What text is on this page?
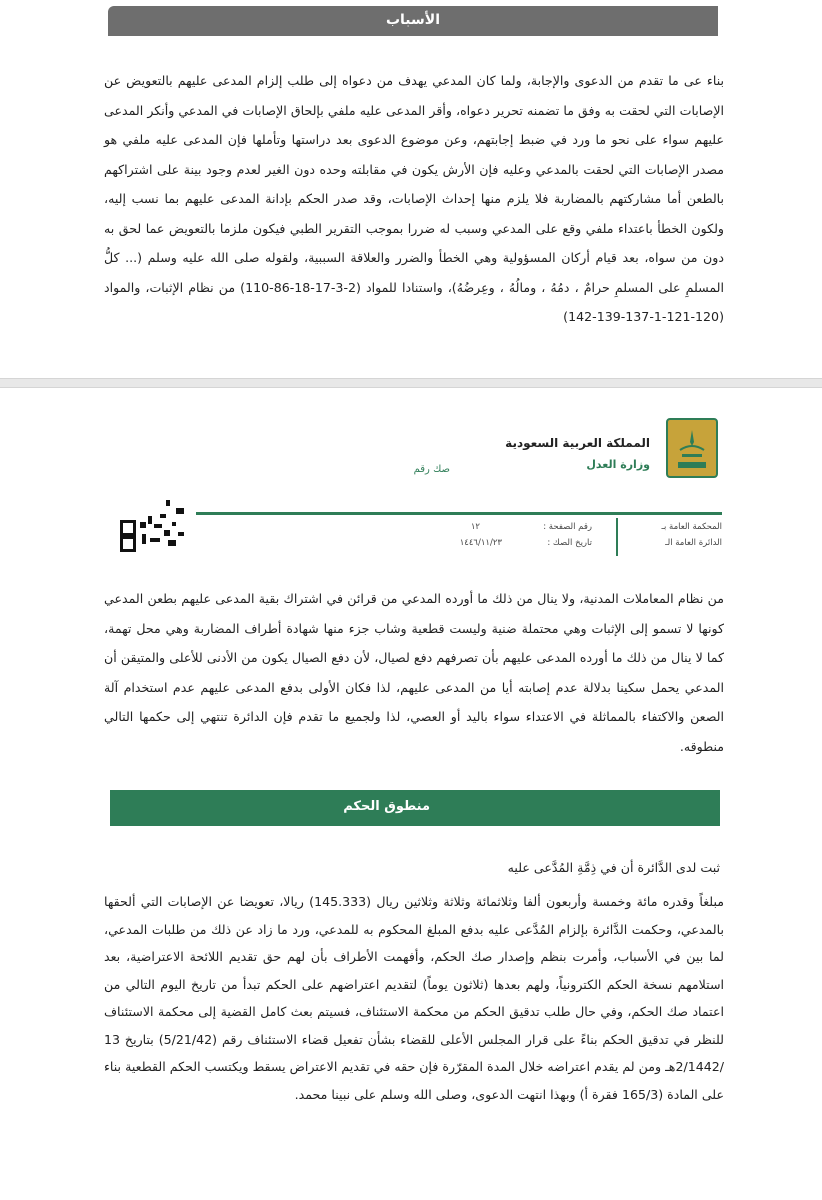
الأسباب

بناء عى ما تقدم من الدعوى والإجابة، ولما كان المدعي يهدف من دعواه إلى طلب إلزام المدعى عليهم بالتعويض عن الإصابات التي لحقت به وفق ما تضمنه تحرير دعواه، وأقر المدعى عليه ملفي بإلحاق الإصابات في المدعي وأنكر المدعى عليهم سواء على نحو ما ورد في ضبط إجابتهم، وعن موضوع الدعوى بعد دراستها وتأملها فإن المدعى عليه ملفي هو مصدر الإصابات التي لحقت بالمدعي وعليه فإن الأرش يكون في مقابلته وحده دون الغير لعدم وجود بينة على اشتراكهم بالطعن أما مشاركتهم بالمضاربة فلا يلزم منها إحداث الإصابات، وقد صدر الحكم بإدانة المدعى عليهم بما نسب إليه، ولكون الخطأ باعتداء ملفي وقع على المدعي وسبب له ضررا بموجب التقرير الطبي فيكون ملزما بالتعويض عما لحق به دون من سواه، بعد قيام أركان المسؤولية وهي الخطأ والضرر والعلاقة السببية، ولقوله صلى الله عليه وسلم (... كلُّ المسلمِ على المسلمِ حرامٌ ، دمُهُ ، ومالُهُ ، وعِرضُهُ)، واستنادا للمواد (2-3-17-18-86-110) من نظام الإثبات، والمواد (120-121-1-137-139-142)

المملكة العربية السعودية
وزارة العدل
صك رقم
المحكمة العامة بـ
الدائرة العامة الـ
رقم الصفحة :
١٢
تاريخ الصك :
١٤٤٦/١١/٢٣

من نظام المعاملات المدنية، ولا ينال من ذلك ما أورده المدعي من قرائن في اشتراك بقية المدعى عليهم بطعن المدعي كونها لا تسمو إلى الإثبات وهي محتملة ضنية وليست قطعية وشاب جزء منها شهادة أطراف المضاربة وهي محل تهمة، كما لا ينال من ذلك ما أورده المدعى عليهم بأن تصرفهم دفع لصيال، لأن دفع الصيال يكون من الأدنى للأعلى والمتيقن أن المدعي يحمل سكينا بدلالة عدم إصابته أيا من المدعى عليهم، لذا فكان الأولى بدفع المدعى عليهم عدم استخدام آلة الصعن والاكتفاء بالمماثلة في الاعتداء سواء باليد أو العصي، لذا ولجميع ما تقدم فإن الدائرة تنتهي إلى حكمها التالي منطوقه.

منطوق الحكم
ثبت لدى الدَّائرة أن في ذِمَّةِ المُدَّعى عليه

مبلغاً وقدره مائة وخمسة وأربعون ألفا وثلاثمائة وثلاثة وثلاثين ريال (145.333) ريالا، تعويضا عن الإصابات التي ألحقها بالمدعي، وحكمت الدَّائرة بإلزام المُدَّعى عليه بدفع المبلغ المحكوم به للمدعي، ورد ما زاد عن ذلك من طلبات المدعي، لما بين في الأسباب، وأمرت بنظم وإصدار صك الحكم، وأفهمت الأطراف بأن لهم حق تقديم اللائحة الاعتراضية، بعد استلامهم نسخة الحكم الكترونياً، ولهم بعدها (ثلاثون يوماً) لتقديم اعتراضهم على الحكم تبدأ من تاريخ اليوم التالي من اعتماد صك الحكم، وفي حال طلب تدقيق الحكم من محكمة الاستئناف، فسيتم بعث كامل القضية إلى محكمة الاستئناف للنظر في تدقيق الحكم بناءً على قرار المجلس الأعلى للقضاء بشأن تفعيل قضاء الاستئناف رقم (5/21/42) بتاريخ 13 /2/1442هـ ومن لم يقدم اعتراضه خلال المدة المقرّرة فإن حقه في تقديم الاعتراض يسقط ويكتسب الحكم القطعية بناء على المادة (165/3 فقرة أ) وبهذا انتهت الدعوى، وصلى الله وسلم على نبينا محمد.
